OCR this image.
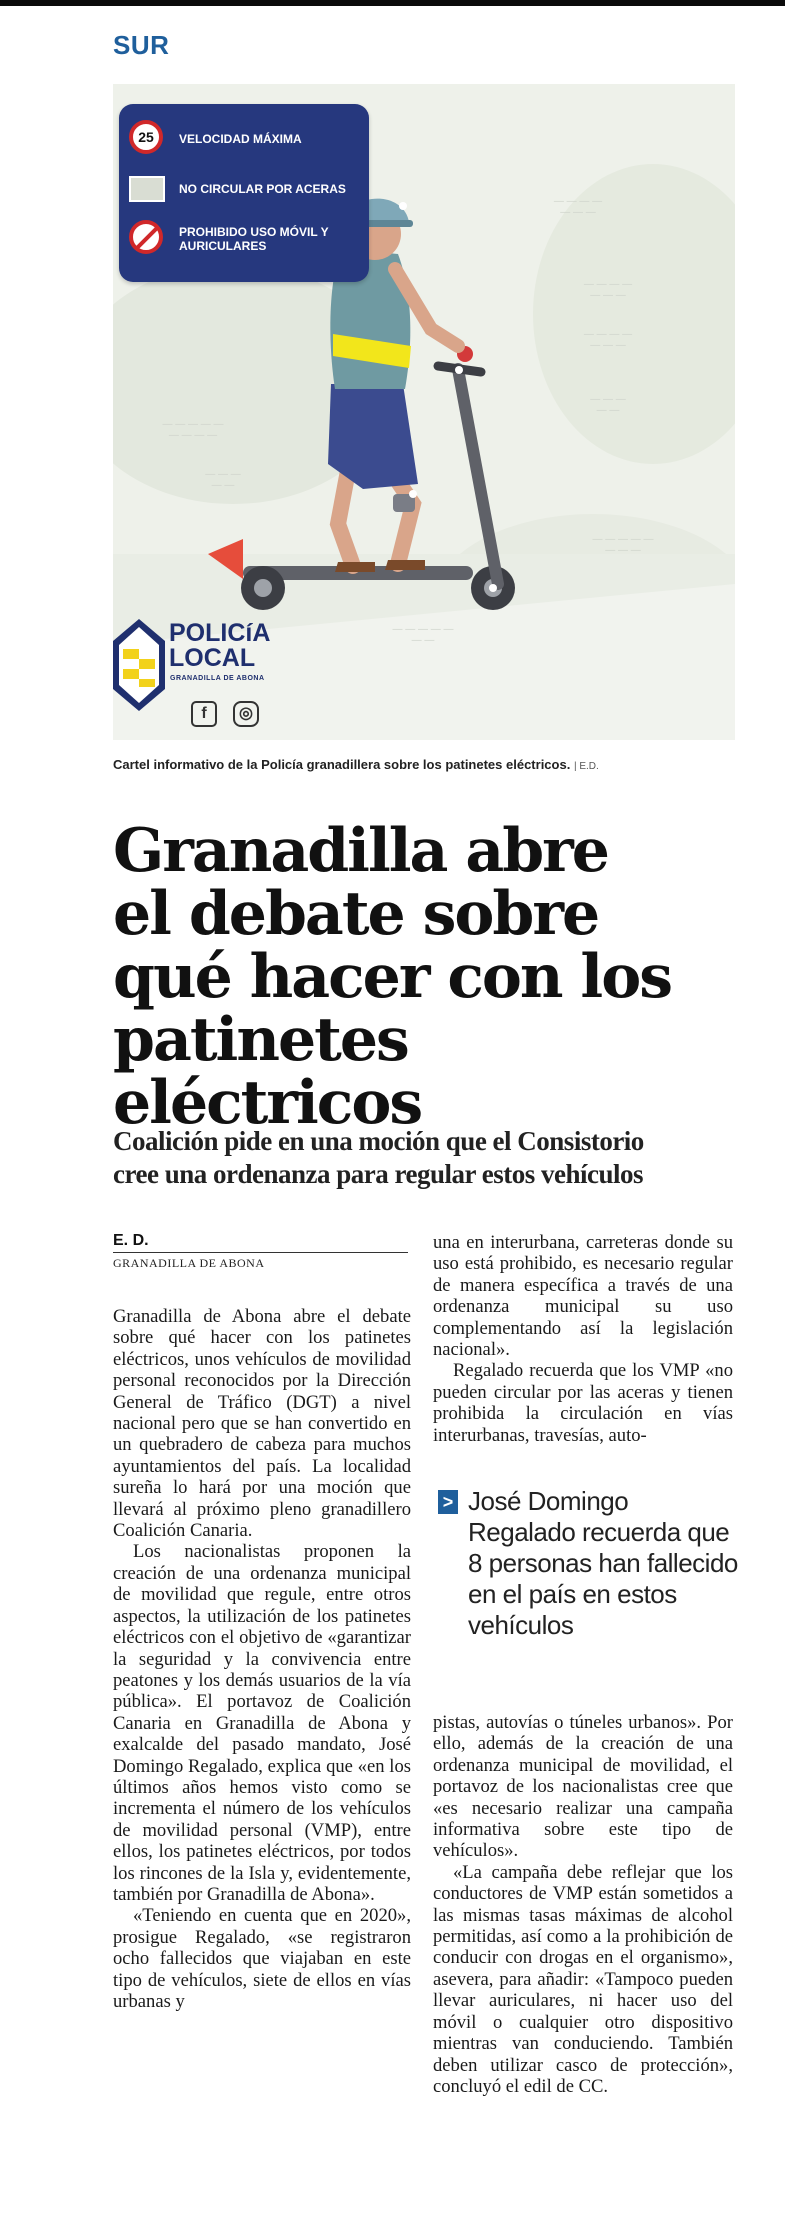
SUR
— — — —
— — —
— — — —
— — —
— — — —
— — —
— — —
— —
— — — — —
— — — —
— — —
— —
— — — — —
— — —
— — — — —
— —
25	VELOCIDAD MÁXIMA
NO CIRCULAR POR ACERAS
PROHIBIDO USO MÓVIL Y AURICULARES
POLICíA
LOCAL
GRANADILLA DE ABONA
f	◎
Cartel informativo de la Policía granadillera sobre los patinetes eléctricos. | E.D.
Granadilla abre
el debate sobre
qué hacer con los
patinetes eléctricos
Coalición pide en una moción que el Consistorio
cree una ordenanza para regular estos vehículos
E. D.
GRANADILLA DE ABONA

Granadilla de Abona abre el debate sobre qué hacer con los patinetes eléctricos, unos vehículos de movilidad personal reconocidos por la Dirección General de Tráfico (DGT) a nivel nacional pero que se han convertido en un quebradero de cabeza para muchos ayuntamientos del país. La localidad sureña lo hará por una moción que llevará al próximo pleno granadillero Coalición Canaria.

Los nacionalistas proponen la creación de una ordenanza municipal de movilidad que regule, entre otros aspectos, la utilización de los patinetes eléctricos con el objetivo de «garantizar la seguridad y la convivencia entre peatones y los demás usuarios de la vía pública». El portavoz de Coalición Canaria en Granadilla de Abona y exalcalde del pasado mandato, José Domingo Regalado, explica que «en los últimos años hemos visto como se incrementa el número de los vehículos de movilidad personal (VMP), entre ellos, los patinetes eléctricos, por todos los rincones de la Isla y, evidentemente, también por Granadilla de Abona».

«Teniendo en cuenta que en 2020», prosigue Regalado, «se registraron ocho fallecidos que viajaban en este tipo de vehículos, siete de ellos en vías urbanas y

una en interurbana, carreteras donde su uso está prohibido, es necesario regular de manera específica a través de una ordenanza municipal su uso complementando así la legislación nacional».

Regalado recuerda que los VMP «no pueden circular por las aceras y tienen prohibida la circulación en vías interurbanas, travesías, auto-

> José Domingo Regalado recuerda que 8 personas han fallecido en el país en estos vehículos

pistas, autovías o túneles urbanos». Por ello, además de la creación de una ordenanza municipal de movilidad, el portavoz de los nacionalistas cree que «es necesario realizar una campaña informativa sobre este tipo de vehículos».

«La campaña debe reflejar que los conductores de VMP están sometidos a las mismas tasas máximas de alcohol permitidas, así como a la prohibición de conducir con drogas en el organismo», asevera, para añadir: «Tampoco pueden llevar auriculares, ni hacer uso del móvil o cualquier otro dispositivo mientras van conduciendo. También deben utilizar casco de protección», concluyó el edil de CC.
